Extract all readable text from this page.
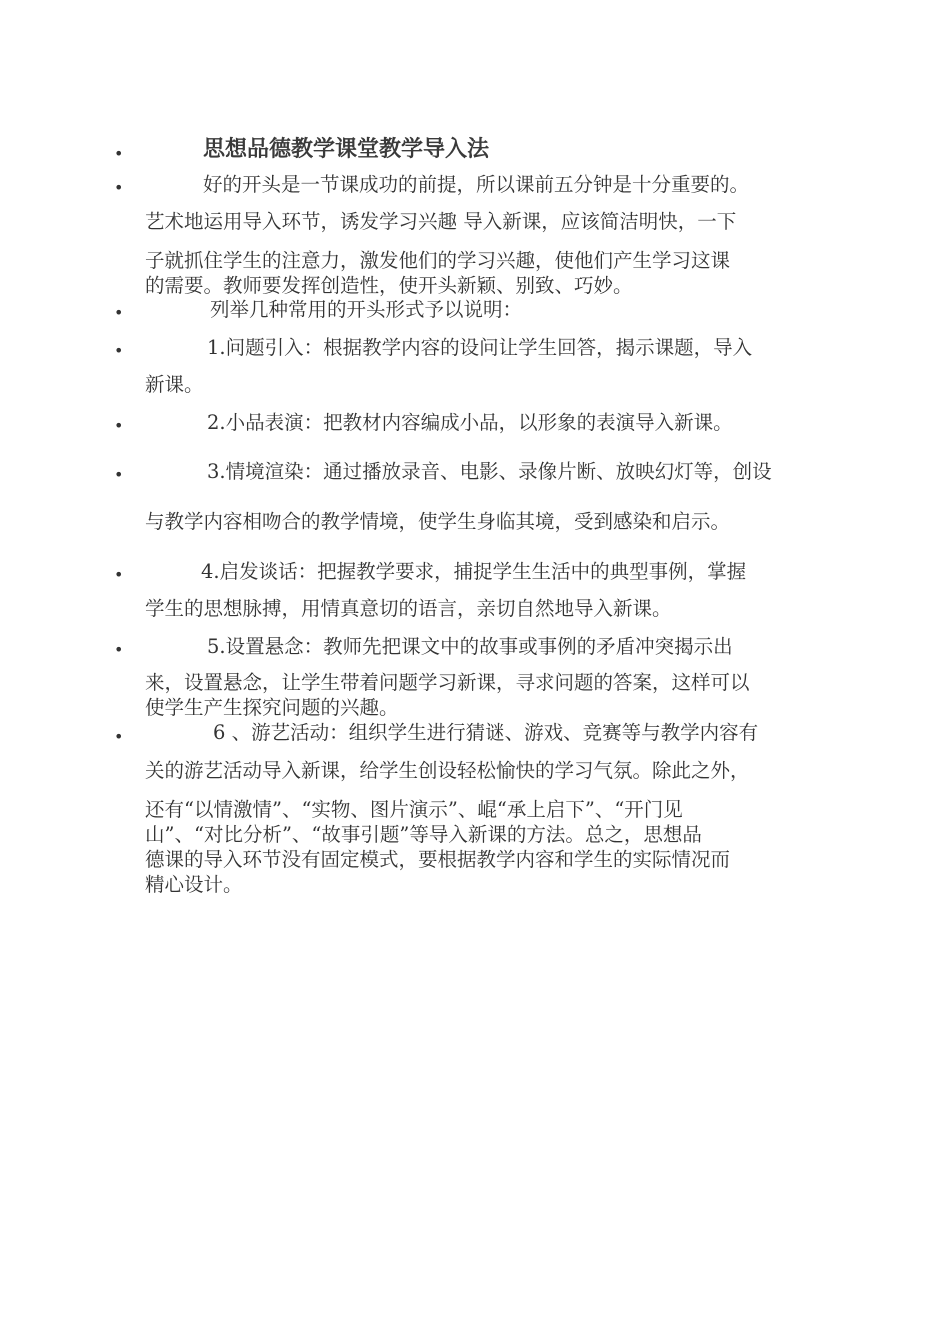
•	思想品德教学课堂教学导入法
•	好的开头是一节课成功的前提，所以课前五分钟是十分重要的。
艺术地运用导入环节，诱发学习兴趣 导入新课，应该简洁明快，一下
子就抓住学生的注意力，激发他们的学习兴趣，使他们产生学习这课
的需要。教师要发挥创造性，使开头新颖、别致、巧妙。
•	列举几种常用的开头形式予以说明：
•	1.问题引入：根据教学内容的设问让学生回答，揭示课题，导入
新课。
•	2.小品表演：把教材内容编成小品，以形象的表演导入新课。
•	3.情境渲染：通过播放录音、电影、录像片断、放映幻灯等，创设
与教学内容相吻合的教学情境，使学生身临其境，受到感染和启示。
•	4.启发谈话：把握教学要求，捕捉学生生活中的典型事例，掌握
学生的思想脉搏，用情真意切的语言，亲切自然地导入新课。
•	5.设置悬念：教师先把课文中的故事或事例的矛盾冲突揭示出
来，设置悬念，让学生带着问题学习新课，寻求问题的答案，这样可以
使学生产生探究问题的兴趣。
•	6 、游艺活动：组织学生进行猜谜、游戏、竞赛等与教学内容有
关的游艺活动导入新课，给学生创设轻松愉快的学习气氛。除此之外，
还有“以情激情”、“实物、图片演示”、崐“承上启下”、“开门见
山”、“对比分析”、“故事引题”等导入新课的方法。总之，思想品
德课的导入环节没有固定模式，要根据教学内容和学生的实际情况而
精心设计。
